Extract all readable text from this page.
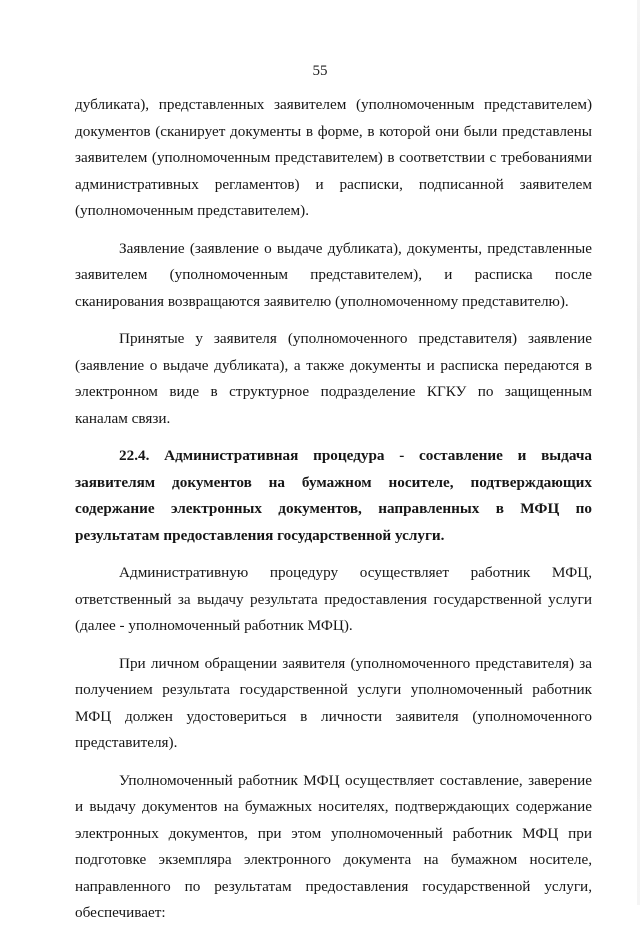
55

дубликата), представленных заявителем (уполномоченным представителем) документов (сканирует документы в форме, в которой они были представлены заявителем (уполномоченным представителем) в соответствии с требованиями административных регламентов) и расписки, подписанной заявителем (уполномоченным представителем).

Заявление (заявление о выдаче дубликата), документы, представленные заявителем (уполномоченным представителем), и расписка после сканирования возвращаются заявителю (уполномоченному представителю).

Принятые у заявителя (уполномоченного представителя) заявление (заявление о выдаче дубликата), а также документы и расписка передаются в электронном виде в структурное подразделение КГКУ по защищенным каналам связи.

22.4. Административная процедура - составление и выдача заявителям документов на бумажном носителе, подтверждающих содержание электронных документов, направленных в МФЦ по результатам предоставления государственной услуги.

Административную процедуру осуществляет работник МФЦ, ответственный за выдачу результата предоставления государственной услуги (далее - уполномоченный работник МФЦ).

При личном обращении заявителя (уполномоченного представителя) за получением результата государственной услуги уполномоченный работник МФЦ должен удостовериться в личности заявителя (уполномоченного представителя).

Уполномоченный работник МФЦ осуществляет составление, заверение и выдачу документов на бумажных носителях, подтверждающих содержание электронных документов, при этом уполномоченный работник МФЦ при подготовке экземпляра электронного документа на бумажном носителе, направленного по результатам предоставления государственной услуги, обеспечивает:
